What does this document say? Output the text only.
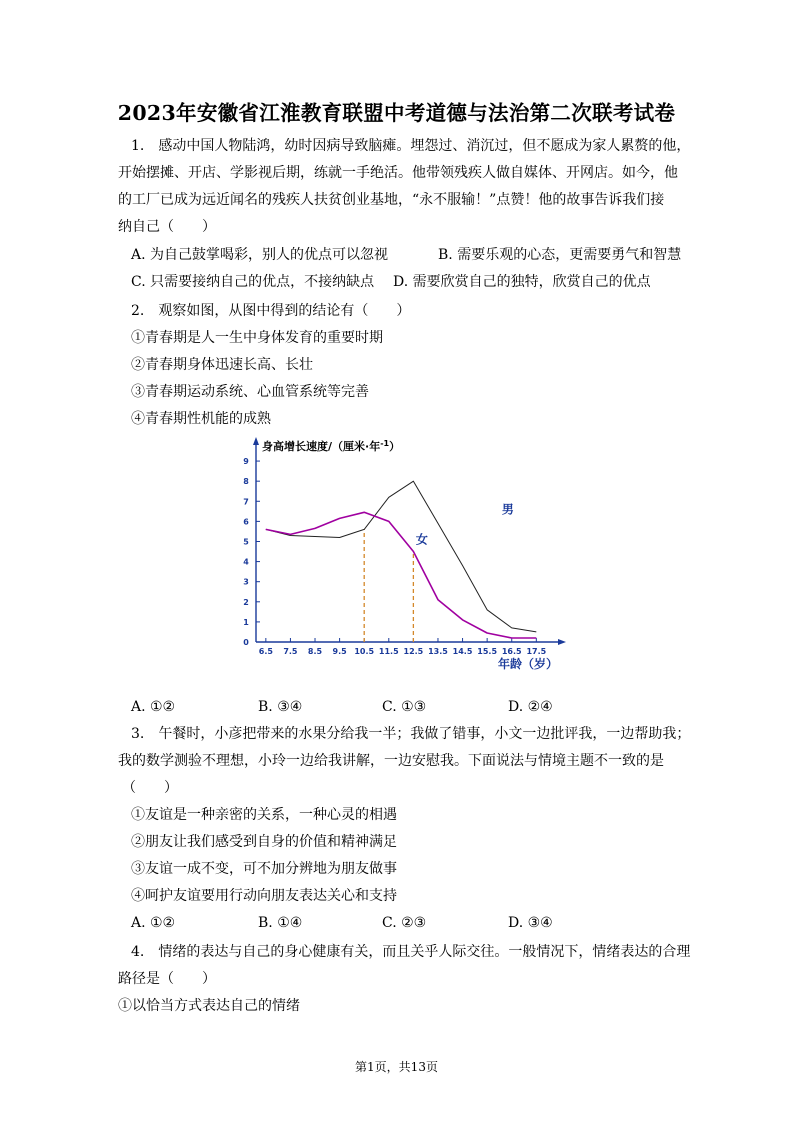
2023年安徽省江淮教育联盟中考道德与法治第二次联考试卷
1.　感动中国人物陆鸿，幼时因病导致脑瘫。埋怨过、消沉过，但不愿成为家人累赘的他，
开始摆摊、开店、学影视后期，练就一手绝活。他带领残疾人做自媒体、开网店。如今，他
的工厂已成为远近闻名的残疾人扶贫创业基地，“永不服输！”点赞！他的故事告诉我们接
纳自己（　　）
A. 为自己鼓掌喝彩，别人的优点可以忽视	B. 需要乐观的心态，更需要勇气和智慧
C. 只需要接纳自己的优点，不接纳缺点 D. 需要欣赏自己的独特，欣赏自己的优点
2.　观察如图，从图中得到的结论有（　　）
①青春期是人一生中身体发育的重要时期
②青春期身体迅速长高、长壮
③青春期运动系统、心血管系统等完善
④青春期性机能的成熟
身高增长速度/（厘米·年$^{-1}$）
年龄（岁）
0
1
2
3
4
5
6
7
8
9
6.5 7.5 8.5 9.5 10.5 11.5 12.5 13.5 14.5 15.5 16.5 17.5
男
女
A. ①②	B. ③④	C. ①③	D. ②④
3.　午餐时，小彦把带来的水果分给我一半；我做了错事，小文一边批评我，一边帮助我；
我的数学测验不理想，小玲一边给我讲解，一边安慰我。下面说法与情境主题不一致的是
（　　）
①友谊是一种亲密的关系，一种心灵的相遇
②朋友让我们感受到自身的价值和精神满足
③友谊一成不变，可不加分辨地为朋友做事
④呵护友谊要用行动向朋友表达关心和支持
A. ①②	B. ①④	C. ②③	D. ③④
4.　情绪的表达与自己的身心健康有关，而且关乎人际交往。一般情况下，情绪表达的合理
路径是（　　）
①以恰当方式表达自己的情绪
第1页，共13页
